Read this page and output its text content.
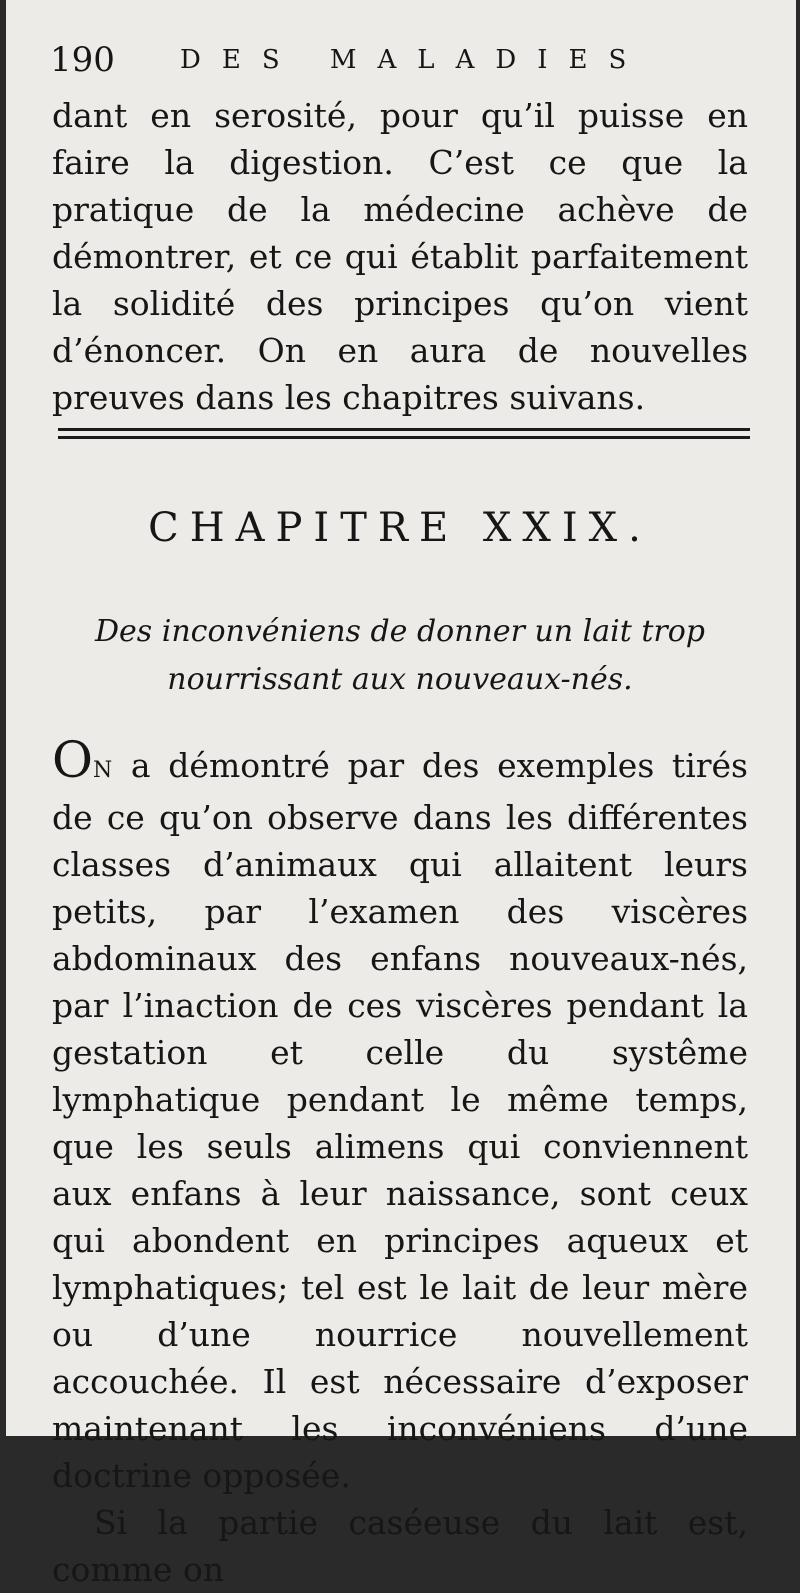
190	DES MALADIES

dant en serosité, pour qu’il puisse en faire la digestion. C’est ce que la pratique de la médecine achève de démontrer, et ce qui établit parfaitement la solidité des principes qu’on vient d’énoncer. On en aura de nouvelles preuves dans les chapitres suivans.

CHAPITRE XXIX.
Des inconvéniens de donner un lait trop nourrissant aux nouveaux-nés.

ON a démontré par des exemples tirés de ce qu’on observe dans les différentes classes d’animaux qui allaitent leurs petits, par l’examen des viscères abdominaux des enfans nouveaux-nés, par l’inaction de ces viscères pendant la gestation et celle du systême lymphatique pendant le même temps, que les seuls alimens qui conviennent aux enfans à leur naissance, sont ceux qui abondent en principes aqueux et lymphatiques; tel est le lait de leur mère ou d’une nourrice nouvellement accouchée. Il est nécessaire d’exposer maintenant les inconvéniens d’une doctrine opposée.

Si la partie caséeuse du lait est, comme on
